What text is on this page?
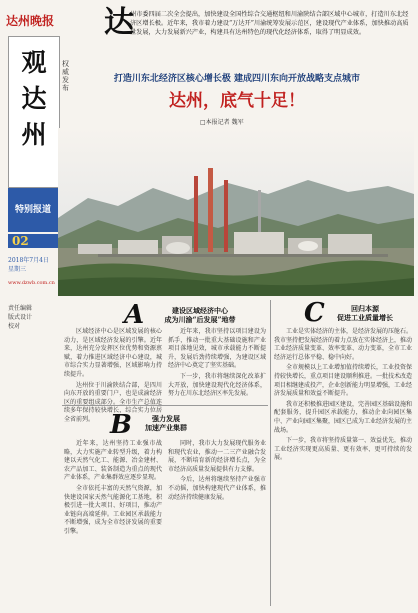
达州晚报
观
达
州
特别报道
02
2018年7月4日
星期三
www.dzwb.com.cn
责任编辑
版式设计
校对
权威发布
达
州市委四届二次全会提出，加快建设全国性综合交通枢纽和川渝陕结合部区域中心城市，打造川东北经济区增长极。近年来，我市着力建设“万达开”川渝统筹发展示范区，建设现代产业体系，加快推动高质量发展，大力发展新兴产业，构建具有达州特色的现代化经济体系，取得了明显成效。
打造川东北经济区核心增长极 建成四川东向开放战略支点城市
达州，底气十足！
□本报记者 魏军
A	建设区域经济中心
成为川渝“后发展”地带

区域经济中心是区域发展的核心动力，是区域经济发展的引擎。近年来，达州充分发挥区位优势和资源禀赋，着力推进区域经济中心建设，城市综合实力显著增强，区域影响力持续提升。

达州位于川渝陕结合部，是四川向东开放的重要门户，也是成渝经济区的重要组成部分。全市生产总值连续多年保持较快增长，综合实力位居全省前列。

近年来，我市坚持以项目建设为抓手，推动一批重大基础设施和产业项目落地见效，城市承载能力不断提升，发展后劲持续增强，为建设区域经济中心奠定了坚实基础。

下一步，我市将继续深化改革扩大开放，加快建设现代化经济体系，努力在川东北经济区率先发展。

B	强力发展
加速产业集群

近年来，达州坚持工业强市战略，大力实施产业转型升级，着力构建以天然气化工、能源、冶金建材、农产品加工、装备制造为重点的现代产业体系，产业集群效应逐步显现。

全市依托丰富的天然气资源，加快建设国家天然气能源化工基地，积极引进一批大项目、好项目，推动产业链向高端延伸。工业园区承载能力不断增强，成为全市经济发展的重要引擎。

同时，我市大力发展现代服务业和现代农业，推动一二三产业融合发展，不断培育新的经济增长点，为全市经济高质量发展提供有力支撑。

今后，达州将继续坚持产业强市不动摇，加快构建现代产业体系，推动经济持续健康发展。

C	回归本源
促进工业质量增长

工业是实体经济的主体，是经济发展的压舱石。我市坚持把发展经济的着力点放在实体经济上，推动工业经济质量变革、效率变革、动力变革，全市工业经济运行总体平稳、稳中向好。

全市规模以上工业增加值持续增长，工业投资保持较快增长，重点项目建设顺利推进。一批技术改造项目相继建成投产，企业创新能力明显增强，工业经济发展质量和效益不断提升。

我市还积极推进园区建设，完善园区基础设施和配套服务，提升园区承载能力，推动企业向园区集中、产业向园区集聚，园区已成为工业经济发展的主战场。

下一步，我市将坚持质量第一、效益优先，推动工业经济实现更高质量、更有效率、更可持续的发展。
